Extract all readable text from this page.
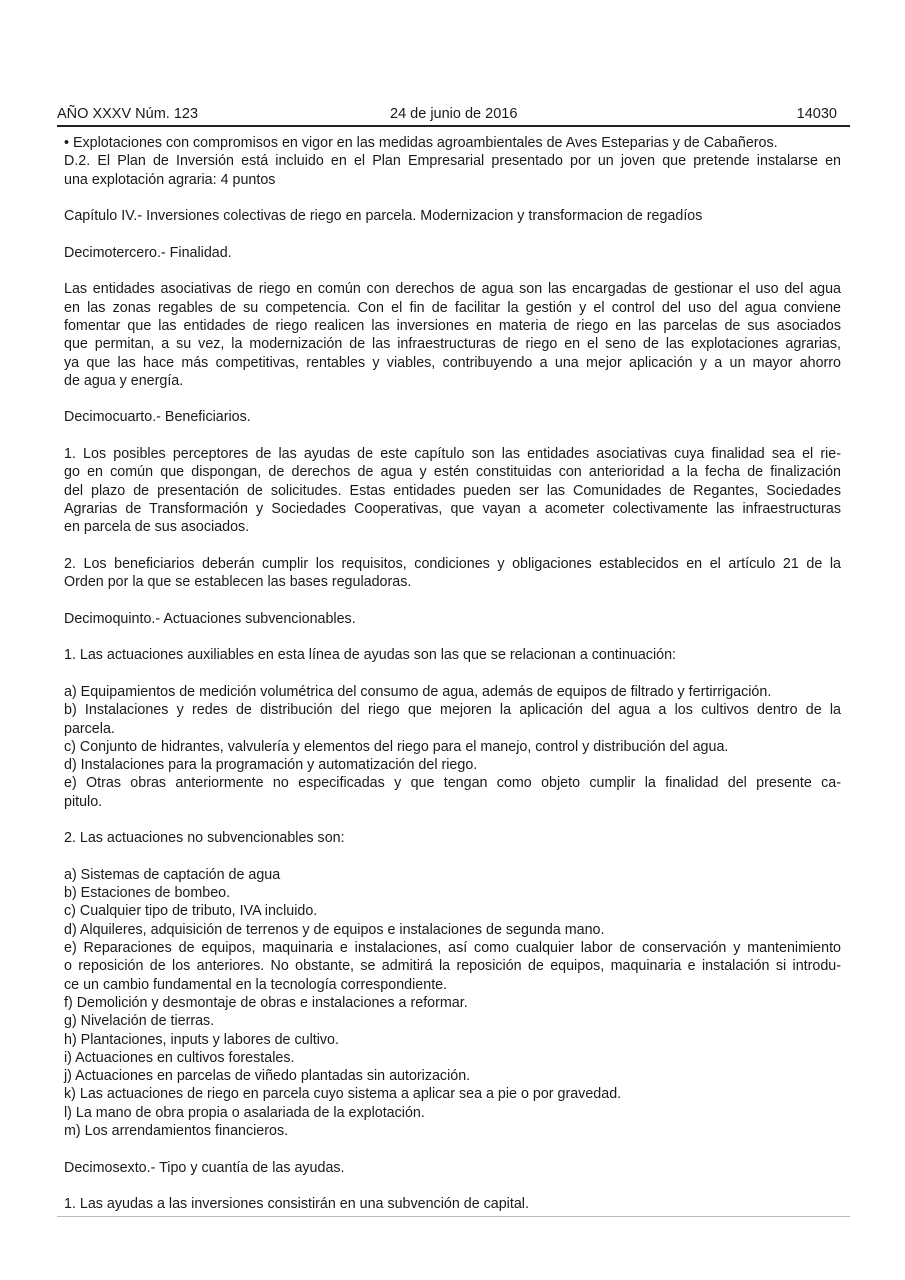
AÑO XXXV Núm. 123	24 de junio de 2016	14030

• Explotaciones con compromisos en vigor en las medidas agroambientales de Aves Esteparias y de Cabañeros.

D.2. El Plan de Inversión está incluido en el Plan Empresarial presentado por un joven que pretende instalarse en
una explotación agraria: 4 puntos

Capítulo IV.- Inversiones colectivas de riego en parcela. Modernizacion y transformacion de regadíos

Decimotercero.- Finalidad.

Las entidades asociativas de riego en común con derechos de agua son las encargadas de gestionar el uso del agua
en las zonas regables de su competencia. Con el fin de facilitar la gestión y el control del uso del agua conviene
fomentar que las entidades de riego realicen las inversiones en materia de riego en las parcelas de sus asociados
que permitan, a su vez, la modernización de las infraestructuras de riego en el seno de las explotaciones agrarias,
ya que las hace más competitivas, rentables y viables, contribuyendo a una mejor aplicación y a un mayor ahorro
de agua y energía.

Decimocuarto.- Beneficiarios.

1. Los posibles perceptores de las ayudas de este capítulo son las entidades asociativas cuya finalidad sea el rie-
go en común que dispongan, de derechos de agua y estén constituidas con anterioridad a la fecha de finalización
del plazo de presentación de solicitudes. Estas entidades pueden ser las Comunidades de Regantes, Sociedades
Agrarias de Transformación y Sociedades Cooperativas, que vayan a acometer colectivamente las infraestructuras
en parcela de sus asociados.

2. Los beneficiarios deberán cumplir los requisitos, condiciones y obligaciones establecidos en el artículo 21 de la
Orden por la que se establecen las bases reguladoras.

Decimoquinto.- Actuaciones subvencionables.

1. Las actuaciones auxiliables en esta línea de ayudas son las que se relacionan a continuación:

a) Equipamientos de medición volumétrica del consumo de agua, además de equipos de filtrado y fertirrigación.

b) Instalaciones y redes de distribución del riego que mejoren la aplicación del agua a los cultivos dentro de la
parcela.

c) Conjunto de hidrantes, valvulería y elementos del riego para el manejo, control y distribución del agua.

d) Instalaciones para la programación y automatización del riego.

e) Otras obras anteriormente no especificadas y que tengan como objeto cumplir la finalidad del presente ca-
pitulo.

2. Las actuaciones no subvencionables son:

a) Sistemas de captación de agua

b) Estaciones de bombeo.

c) Cualquier tipo de tributo, IVA incluido.

d) Alquileres, adquisición de terrenos y de equipos e instalaciones de segunda mano.

e) Reparaciones de equipos, maquinaria e instalaciones, así como cualquier labor de conservación y mantenimiento
o reposición de los anteriores. No obstante, se admitirá la reposición de equipos, maquinaria e instalación si introdu-
ce un cambio fundamental en la tecnología correspondiente.

f) Demolición y desmontaje de obras e instalaciones a reformar.

g) Nivelación de tierras.

h) Plantaciones, inputs y labores de cultivo.

i) Actuaciones en cultivos forestales.

j) Actuaciones en parcelas de viñedo plantadas sin autorización.

k) Las actuaciones de riego en parcela cuyo sistema a aplicar sea a pie o por gravedad.

l) La mano de obra propia o asalariada de la explotación.

m) Los arrendamientos financieros.

Decimosexto.- Tipo y cuantía de las ayudas.

1. Las ayudas a las inversiones consistirán en una subvención de capital.
